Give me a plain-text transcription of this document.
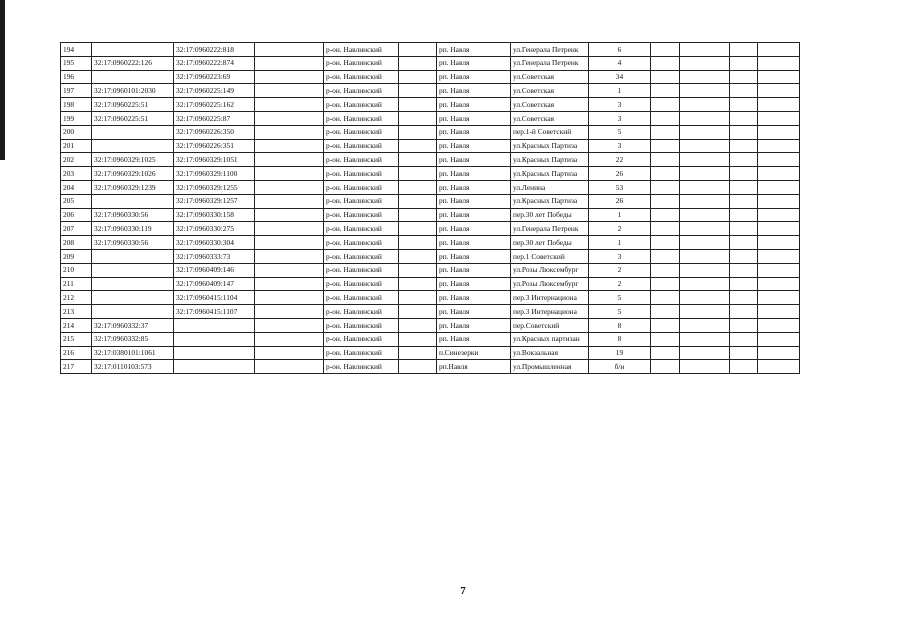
194		32:17:0960222:818		р-он. Навлинский		рп. Навля	ул.Генерала Петренк	6				
195	32:17:0960222:126	32:17:0960222:874		р-он. Навлинский		рп. Навля	ул.Генерала Петренк	4				
196		32:17:0960223:69		р-он. Навлинский		рп. Навля	ул.Советская	34				
197	32:17:0960101:2030	32:17:0960225:149		р-он. Навлинский		рп. Навля	ул.Советская	1				
198	32:17:0960225:51	32:17:0960225:162		р-он. Навлинский		рп. Навля	ул.Советская	3				
199	32:17:0960225:51	32:17:0960225:87		р-он. Навлинский		рп. Навля	ул.Советская	3				
200		32:17:0960226:350		р-он. Навлинский		рп. Навля	пер.1-й Советский	5				
201		32:17:0960226:351		р-он. Навлинский		рп. Навля	ул.Красных Партиза	3				
202	32:17:0960329:1025	32:17:0960329:1051		р-он. Навлинский		рп. Навля	ул.Красных Партиза	22				
203	32:17:0960329:1026	32:17:0960329:1100		р-он. Навлинский		рп. Навля	ул.Красных Партиза	26				
204	32:17:0960329:1239	32:17:0960329:1255		р-он. Навлинский		рп. Навля	ул.Ленина	53				
205		32:17:0960329:1257		р-он. Навлинский		рп. Навля	ул.Красных Партиза	26				
206	32:17:0960330:56	32:17:0960330:158		р-он. Навлинский		рп. Навля	пер.30 лет Победы	1				
207	32:17:0960330:119	32:17:0960330:275		р-он. Навлинский		рп. Навля	ул.Генерала Петренк	2				
208	32:17:0960330:56	32:17:0960330:304		р-он. Навлинский		рп. Навля	пер.30 лет Победы	1				
209		32:17:0960333:73		р-он. Навлинский		рп. Навля	пер.1 Советский	3				
210		32:17:0960409:146		р-он. Навлинский		рп. Навля	ул.Розы Люксембург	2				
211		32:17:0960409:147		р-он. Навлинский		рп. Навля	ул.Розы Люксембург	2				
212		32:17:0960415:1104		р-он. Навлинский		рп. Навля	пер.3 Интернациона	5				
213		32:17:0960415:1107		р-он. Навлинский		рп. Навля	пер.3 Интернациона	5				
214	32:17:0960332:37			р-он. Навлинский		рп. Навля	пер.Советский	8				
215	32:17:0960332:85			р-он. Навлинский		рп. Навля	ул.Красных партизан	8				
216	32:17:0380101:1061			р-он. Навлинский		п.Синезерки	ул.Вокзальная	19				
217	32:17:0110103:573			р-он. Навлинский		рп.Навля	ул.Промышленная	б/н				
7
